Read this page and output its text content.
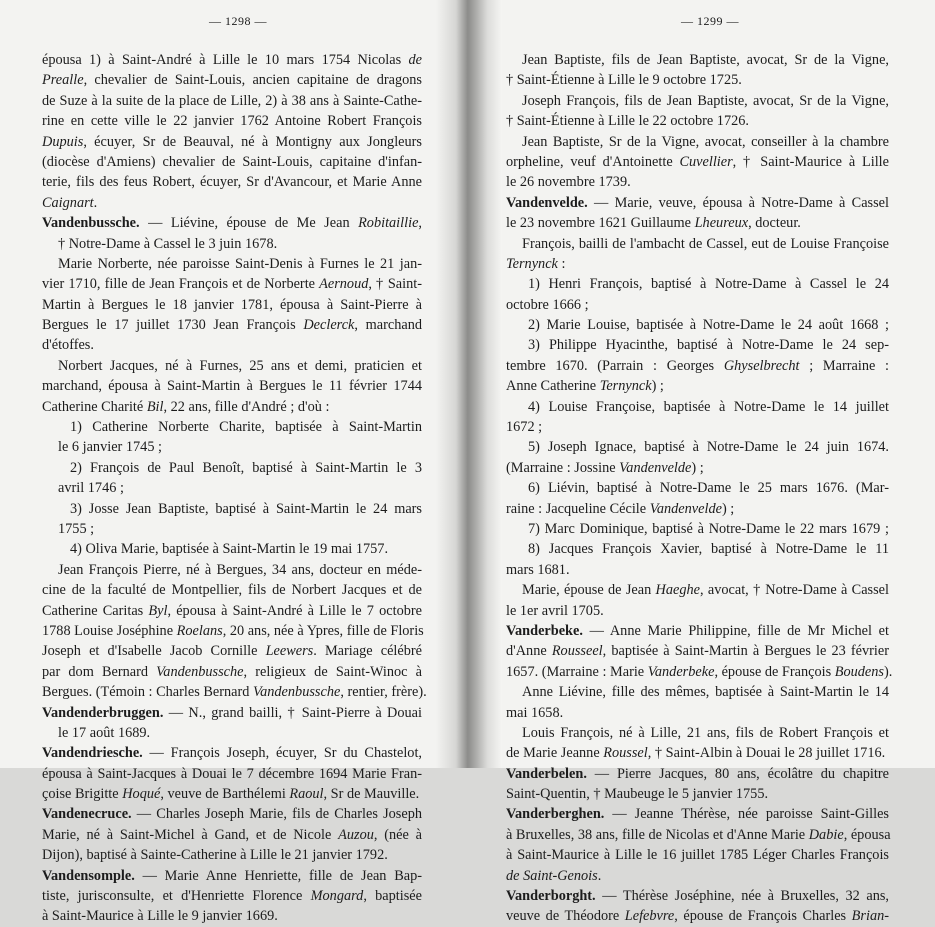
— 1298 —
épousa 1) à Saint-André à Lille le 10 mars 1754 Nicolas de
Prealle, chevalier de Saint-Louis, ancien capitaine de dragons
de Suze à la suite de la place de Lille, 2) à 38 ans à Sainte-Cathe-
rine en cette ville le 22 janvier 1762 Antoine Robert François
Dupuis, écuyer, Sr de Beauval, né à Montigny aux Jongleurs
(diocèse d'Amiens) chevalier de Saint-Louis, capitaine d'infan-
terie, fils des feus Robert, écuyer, Sr d'Avancour, et Marie Anne
Caignart.
Vandenbussche. — Liévine, épouse de Me Jean Robitaillie,
† Notre-Dame à Cassel le 3 juin 1678.
Marie Norberte, née paroisse Saint-Denis à Furnes le 21 jan-
vier 1710, fille de Jean François et de Norberte Aernoud, † Saint-
Martin à Bergues le 18 janvier 1781, épousa à Saint-Pierre à
Bergues le 17 juillet 1730 Jean François Declerck, marchand
d'étoffes.
Norbert Jacques, né à Furnes, 25 ans et demi, praticien et
marchand, épousa à Saint-Martin à Bergues le 11 février 1744
Catherine Charité Bil, 22 ans, fille d'André ; d'où :
1) Catherine Norberte Charite, baptisée à Saint-Martin
le 6 janvier 1745 ;
2) François de Paul Benoît, baptisé à Saint-Martin le 3
avril 1746 ;
3) Josse Jean Baptiste, baptisé à Saint-Martin le 24 mars
1755 ;
4) Oliva Marie, baptisée à Saint-Martin le 19 mai 1757.
Jean François Pierre, né à Bergues, 34 ans, docteur en méde-
cine de la faculté de Montpellier, fils de Norbert Jacques et de
Catherine Caritas Byl, épousa à Saint-André à Lille le 7 octobre
1788 Louise Joséphine Roelans, 20 ans, née à Ypres, fille de Floris
Joseph et d'Isabelle Jacob Cornille Leewers. Mariage célébré
par dom Bernard Vandenbussche, religieux de Saint-Winoc à
Bergues. (Témoin : Charles Bernard Vandenbussche, rentier, frère).
Vandenderbruggen. — N., grand bailli, † Saint-Pierre à Douai
le 17 août 1689.
Vandendriesche. — François Joseph, écuyer, Sr du Chastelot,
épousa à Saint-Jacques à Douai le 7 décembre 1694 Marie Fran-
çoise Brigitte Hoqué, veuve de Barthélemi Raoul, Sr de Mauville.
Vandenecruce. — Charles Joseph Marie, fils de Charles Joseph
Marie, né à Saint-Michel à Gand, et de Nicole Auzou, (née à
Dijon), baptisé à Sainte-Catherine à Lille le 21 janvier 1792.
Vandensomple. — Marie Anne Henriette, fille de Jean Bap-
tiste, jurisconsulte, et d'Henriette Florence Mongard, baptisée
à Saint-Maurice à Lille le 9 janvier 1669.
— 1299 —
Jean Baptiste, fils de Jean Baptiste, avocat, Sr de la Vigne,
† Saint-Étienne à Lille le 9 octobre 1725.
Joseph François, fils de Jean Baptiste, avocat, Sr de la Vigne,
† Saint-Étienne à Lille le 22 octobre 1726.
Jean Baptiste, Sr de la Vigne, avocat, conseiller à la chambre
orpheline, veuf d'Antoinette Cuvellier, † Saint-Maurice à Lille
le 26 novembre 1739.
Vandenvelde. — Marie, veuve, épousa à Notre-Dame à Cassel
le 23 novembre 1621 Guillaume Lheureux, docteur.
François, bailli de l'ambacht de Cassel, eut de Louise Françoise
Ternynck :
1) Henri François, baptisé à Notre-Dame à Cassel le 24
octobre 1666 ;
2) Marie Louise, baptisée à Notre-Dame le 24 août 1668 ;
3) Philippe Hyacinthe, baptisé à Notre-Dame le 24 sep-
tembre 1670. (Parrain : Georges Ghyselbrecht ; Marraine :
Anne Catherine Ternynck) ;
4) Louise Françoise, baptisée à Notre-Dame le 14 juillet
1672 ;
5) Joseph Ignace, baptisé à Notre-Dame le 24 juin 1674.
(Marraine : Jossine Vandenvelde) ;
6) Liévin, baptisé à Notre-Dame le 25 mars 1676. (Mar-
raine : Jacqueline Cécile Vandenvelde) ;
7) Marc Dominique, baptisé à Notre-Dame le 22 mars 1679 ;
8) Jacques François Xavier, baptisé à Notre-Dame le 11
mars 1681.
Marie, épouse de Jean Haeghe, avocat, † Notre-Dame à Cassel
le 1er avril 1705.
Vanderbeke. — Anne Marie Philippine, fille de Mr Michel et
d'Anne Rousseel, baptisée à Saint-Martin à Bergues le 23 février
1657. (Marraine : Marie Vanderbeke, épouse de François Boudens).
Anne Liévine, fille des mêmes, baptisée à Saint-Martin le 14
mai 1658.
Louis François, né à Lille, 21 ans, fils de Robert François et
de Marie Jeanne Roussel, † Saint-Albin à Douai le 28 juillet 1716.
Vanderbelen. — Pierre Jacques, 80 ans, écolâtre du chapitre
Saint-Quentin, † Maubeuge le 5 janvier 1755.
Vanderberghen. — Jeanne Thérèse, née paroisse Saint-Gilles
à Bruxelles, 38 ans, fille de Nicolas et d'Anne Marie Dabie, épousa
à Saint-Maurice à Lille le 16 juillet 1785 Léger Charles François
de Saint-Genois.
Vanderborght. — Thérèse Joséphine, née à Bruxelles, 32 ans,
veuve de Théodore Lefebvre, épouse de François Charles Brian-
